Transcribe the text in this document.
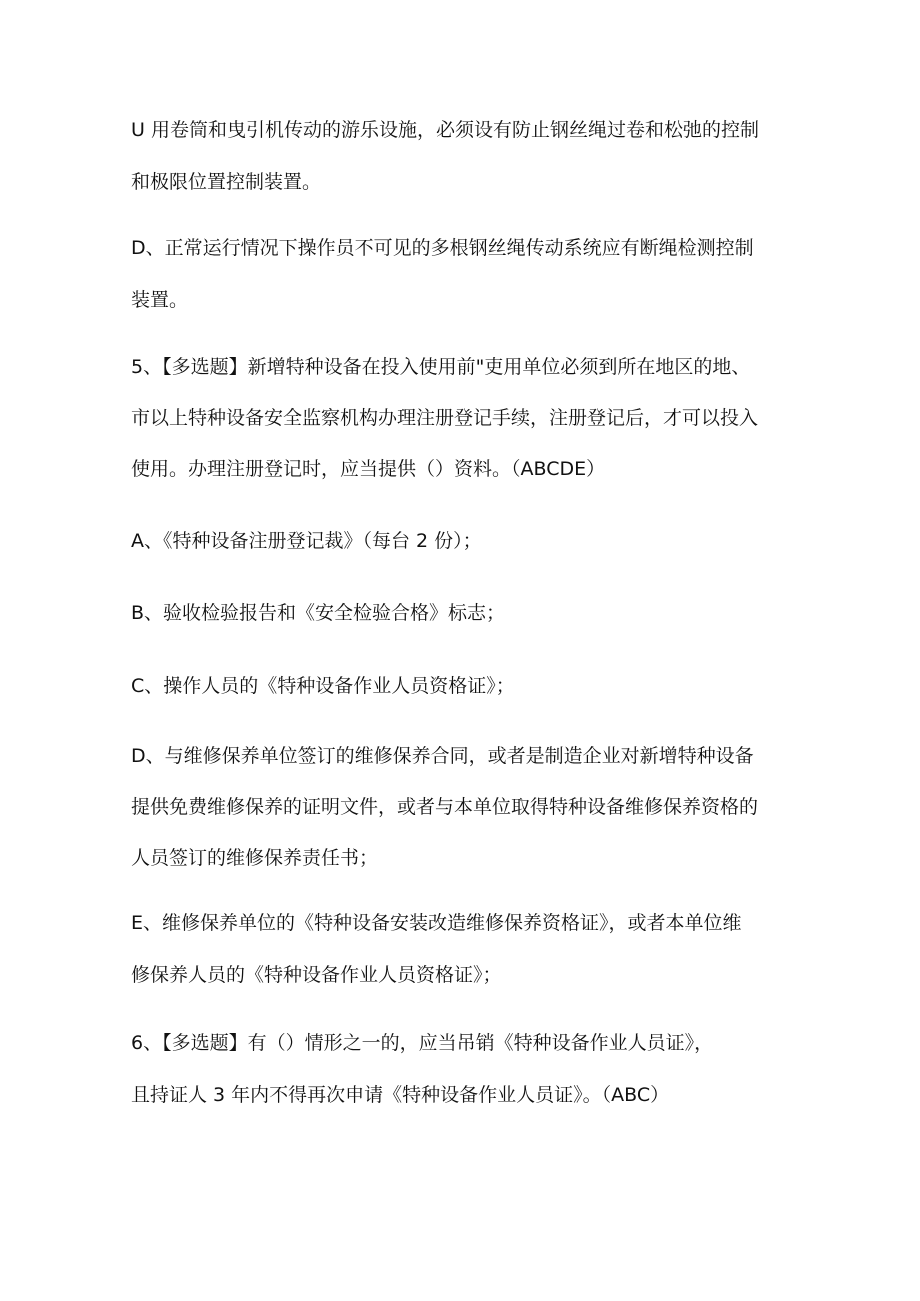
U 用卷筒和曳引机传动的游乐设施，必须设有防止钢丝绳过卷和松弛的控制
和极限位置控制装置。
D、正常运行情况下操作员不可见的多根钢丝绳传动系统应有断绳检测控制
装置。
5、【多选题】新增特种设备在投入使用前"吏用单位必须到所在地区的地、
市以上特种设备安全监察机构办理注册登记手续，注册登记后，才可以投入
使用。办理注册登记时，应当提供（）资料。（ABCDE）
A、《特种设备注册登记裁》（每台 2 份）；
B、验收检验报告和《安全检验合格》标志；
C、操作人员的《特种设备作业人员资格证》；
D、与维修保养单位签订的维修保养合同，或者是制造企业对新增特种设备
提供免费维修保养的证明文件，或者与本单位取得特种设备维修保养资格的
人员签订的维修保养责任书；
E、维修保养单位的《特种设备安装改造维修保养资格证》，或者本单位维
修保养人员的《特种设备作业人员资格证》；
6、【多选题】有（）情形之一的，应当吊销《特种设备作业人员证》，
且持证人 3 年内不得再次申请《特种设备作业人员证》。（ABC）
